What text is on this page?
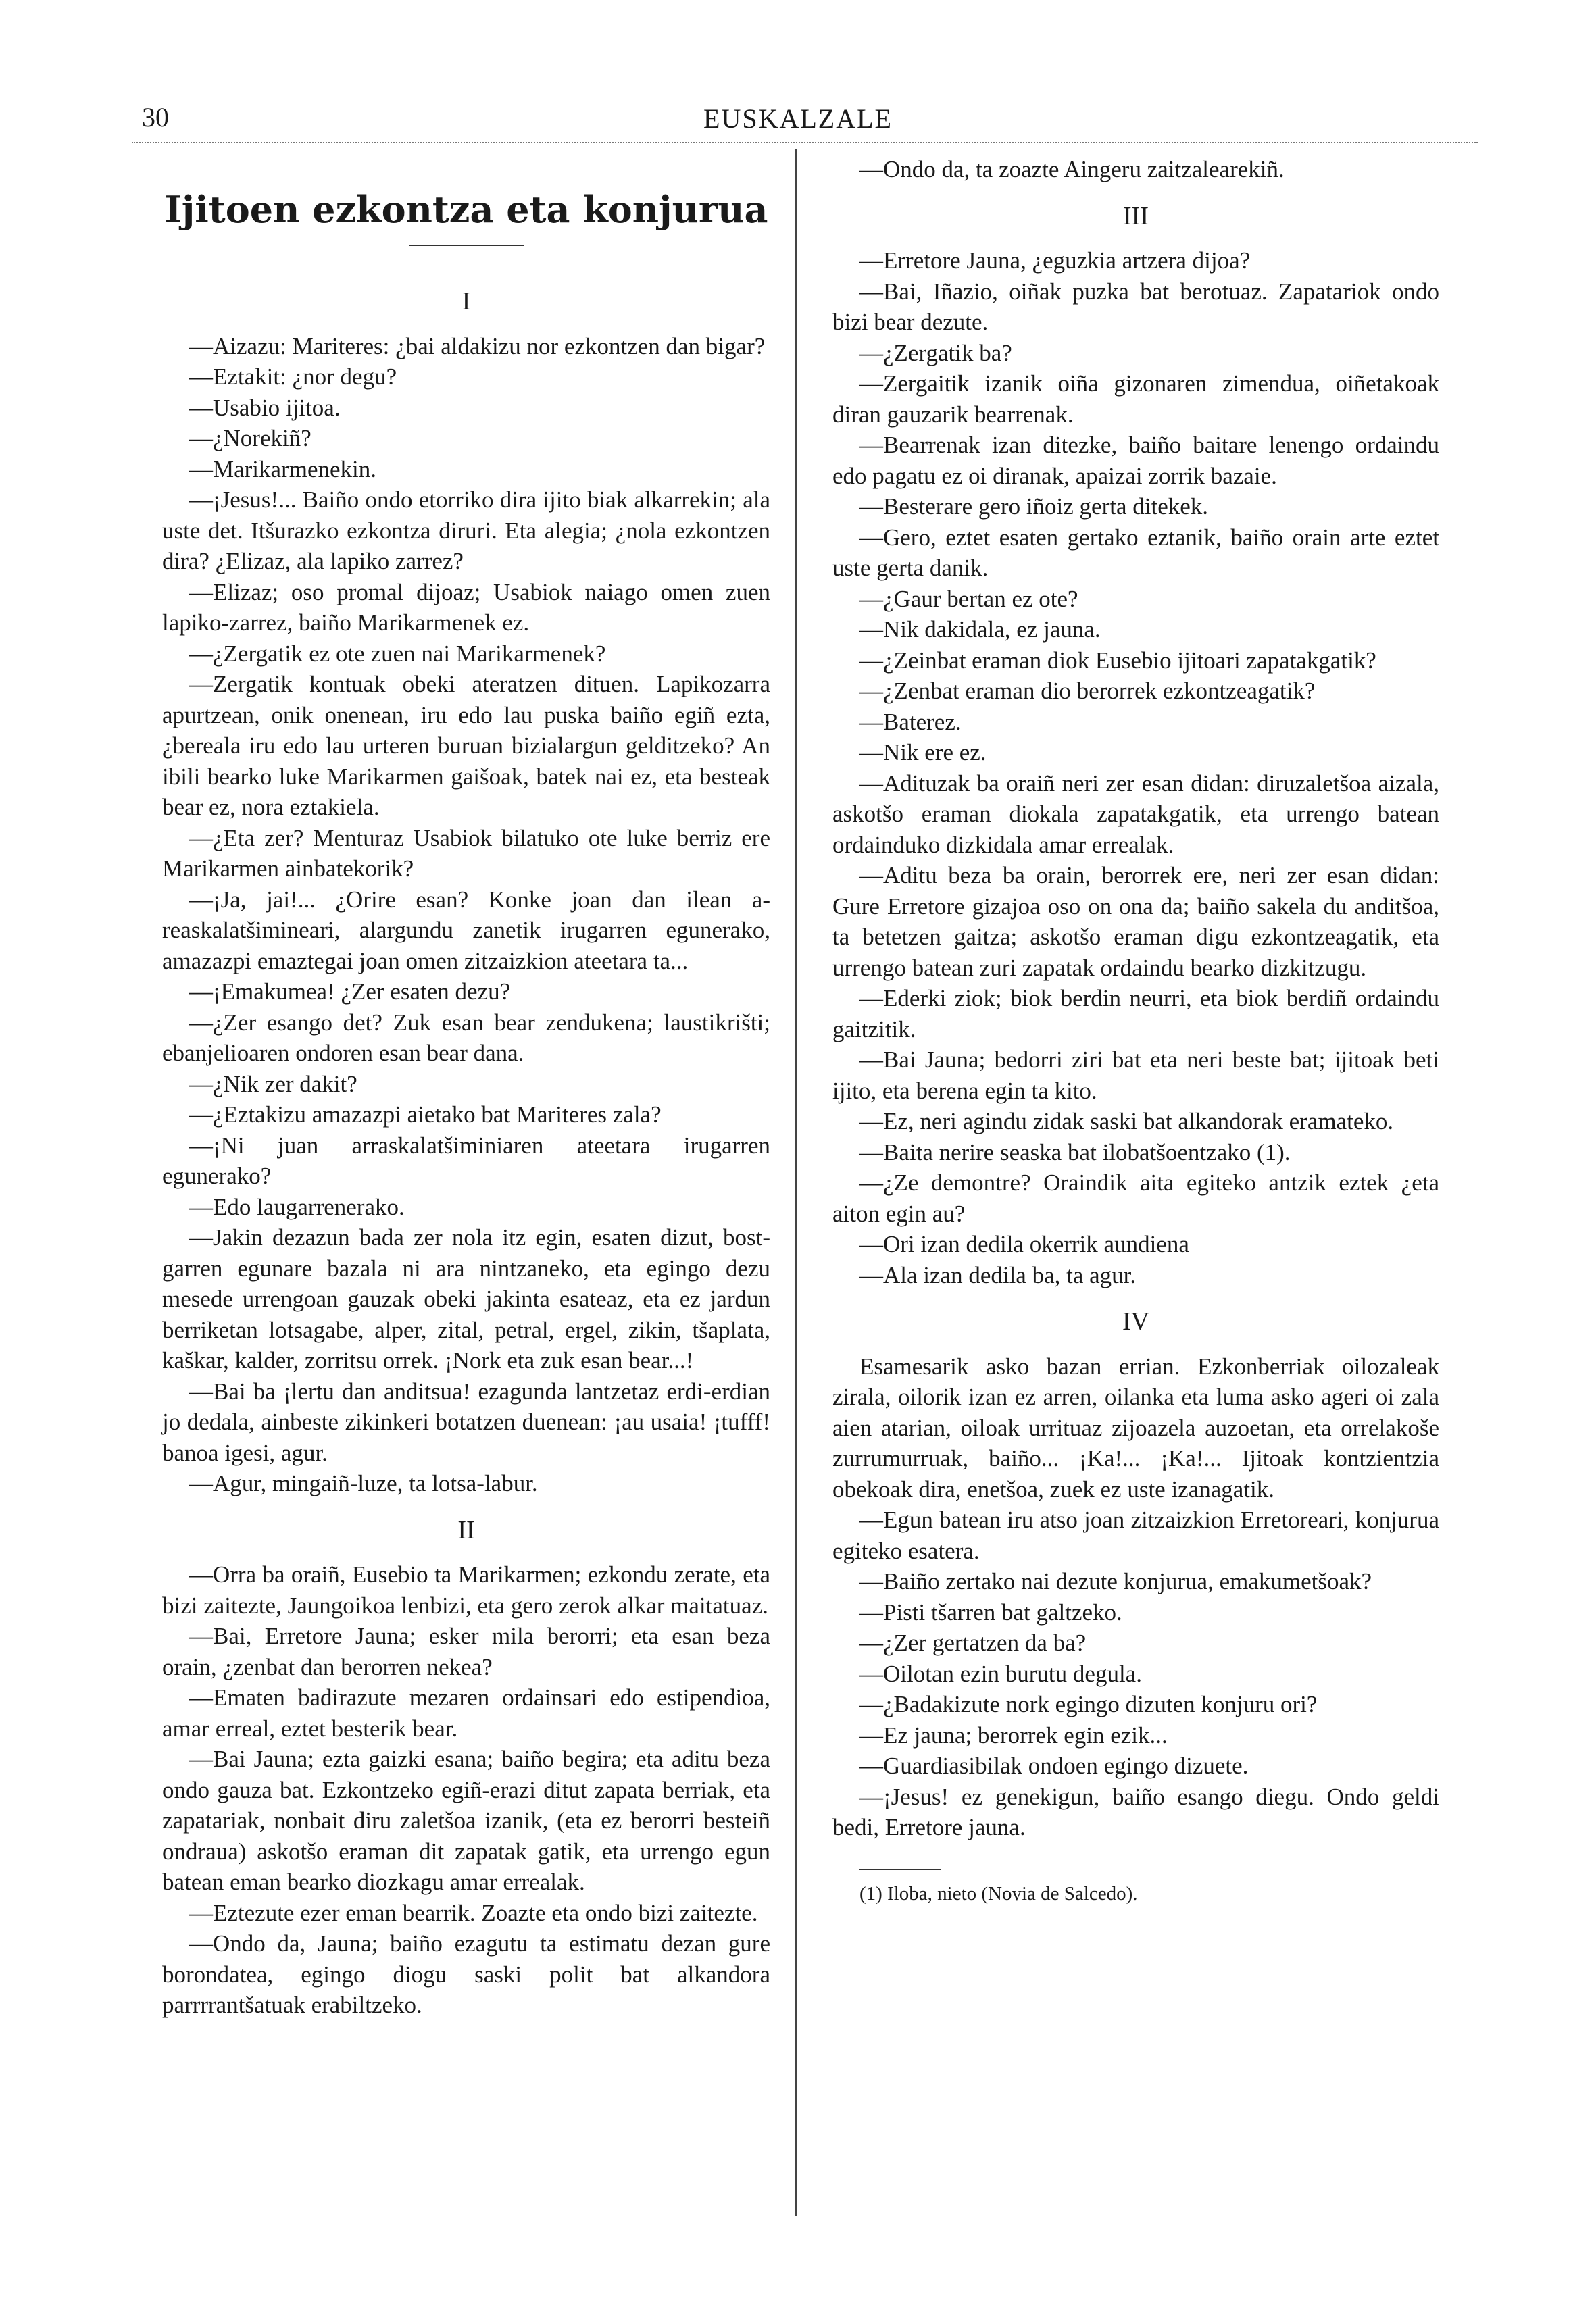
30	EUSKALZALE
Ijitoen ezkontza eta konjurua
I

—Aizazu: Mariteres: ¿bai aldakizu nor ezkontzen dan bigar?

—Eztakit: ¿nor degu?

—Usabio ijitoa.

—¿Norekiñ?

—Marikarmenekin.

—¡Jesus!... Baiño ondo etorriko dira ijito biak alkarrekin; ala uste det. Itšurazko ezkontza diruri. Eta alegia; ¿nola ezkontzen dira? ¿Elizaz, ala lapiko zarrez?

—Elizaz; oso promal dijoaz; Usabiok naiago omen zuen lapiko-zarrez, baiño Marikarmenek ez.

—¿Zergatik ez ote zuen nai Marikarmenek?

—Zergatik kontuak obeki ateratzen dituen. Lapikozarra apurtzean, onik onenean, iru edo lau puska baiño egiñ ezta, ¿bereala iru edo lau urteren buruan bizialargun gelditzeko? An ibili bearko luke Marikarmen gaišoak, batek nai ez, eta besteak bear ez, nora eztakiela.

—¿Eta zer? Menturaz Usabiok bilatuko ote luke berriz ere Marikarmen ainbatekorik?

—¡Ja, jai!... ¿Orire esan? Konke joan dan ilean a-reaskalatšimineari, alargundu zanetik irugarren egunerako, amazazpi emaztegai joan omen zitzaizkion ateetara ta...

—¡Emakumea! ¿Zer esaten dezu?

—¿Zer esango det? Zuk esan bear zendukena; laustikrišti; ebanjelioaren ondoren esan bear dana.

—¿Nik zer dakit?

—¿Eztakizu amazazpi aietako bat Mariteres zala?

—¡Ni juan arraskalatšiminiaren ateetara irugarren egunerako?

—Edo laugarrenerako.

—Jakin dezazun bada zer nola itz egin, esaten dizut, bost-garren egunare bazala ni ara nintzaneko, eta egingo dezu mesede urrengoan gauzak obeki jakinta esateaz, eta ez jardun berriketan lotsagabe, alper, zital, petral, ergel, zikin, tšaplata, kaškar, kalder, zorritsu orrek. ¡Nork eta zuk esan bear...!

—Bai ba ¡lertu dan anditsua! ezagunda lantzetaz erdi-erdian jo dedala, ainbeste zikinkeri botatzen duenean: ¡au usaia! ¡tufff! banoa igesi, agur.

—Agur, mingaiñ-luze, ta lotsa-labur.

II

—Orra ba oraiñ, Eusebio ta Marikarmen; ezkondu zerate, eta bizi zaitezte, Jaungoikoa lenbizi, eta gero zerok alkar maitatuaz.

—Bai, Erretore Jauna; esker mila berorri; eta esan beza orain, ¿zenbat dan berorren nekea?

—Ematen badirazute mezaren ordainsari edo estipendioa, amar erreal, eztet besterik bear.

—Bai Jauna; ezta gaizki esana; baiño begira; eta aditu beza ondo gauza bat. Ezkontzeko egiñ-erazi ditut zapata berriak, eta zapatariak, nonbait diru zaletšoa izanik, (eta ez berorri besteiñ ondrauа) askotšo eraman dit zapatak gatik, eta urrengo egun batean eman bearko diozkagu amar errealak.

—Eztezute ezer eman bearrik. Zoazte eta ondo bizi zaitezte.

—Ondo da, Jauna; baiño ezagutu ta estimatu dezan gure borondatea, egingo diogu saski polit bat alkandora parrrrantšatuak erabiltzeko.

—Ondo da, ta zoazte Aingeru zaitzalearekiñ.

III

—Erretore Jauna, ¿eguzkia artzera dijoa?

—Bai, Iñazio, oiñak puzka bat berotuaz. Zapatariok ondo bizi bear dezute.

—¿Zergatik ba?

—Zergaitik izanik oiña gizonaren zimendua, oiñetakoak diran gauzarik bearrenak.

—Bearrenak izan ditezke, baiño baitare lenengo ordaindu edo pagatu ez oi diranak, apaizai zorrik bazaie.

—Besterare gero iñoiz gerta ditekek.

—Gero, eztet esaten gertako eztanik, baiño orain arte eztet uste gerta danik.

—¿Gaur bertan ez ote?

—Nik dakidala, ez jauna.

—¿Zeinbat eraman diok Eusebio ijitoari zapatakgatik?

—¿Zenbat eraman dio berorrek ezkontzeagatik?

—Baterez.

—Nik ere ez.

—Adituzak ba oraiñ neri zer esan didan: diruzaletšoa aizala, askotšo eraman diokala zapatakgatik, eta urrengo batean ordainduko dizkidala amar errealak.

—Aditu beza ba orain, berorrek ere, neri zer esan didan: Gure Erretore gizajoa oso on ona da; baiño sakela du anditšoa, ta betetzen gaitza; askotšo eraman digu ezkontzeagatik, eta urrengo batean zuri zapatak ordaindu bearko dizkitzugu.

—Ederki ziok; biok berdin neurri, eta biok berdiñ ordaindu gaitzitik.

—Bai Jauna; bedorri ziri bat eta neri beste bat; ijitoak beti ijito, eta berena egin ta kito.

—Ez, neri agindu zidak saski bat alkandorak eramateko.

—Baita nerire seaska bat ilobatšoentzako (1).

—¿Ze demontre? Oraindik aita egiteko antzik eztek ¿eta aiton egin au?

—Ori izan dedila okerrik aundiena

—Ala izan dedila ba, ta agur.

IV

Esamesarik asko bazan errian. Ezkonberriak oilozaleak zirala, oilorik izan ez arren, oilanka eta luma asko ageri oi zala aien atarian, oiloak urrituaz zijoazela auzoetan, eta orrelakoše zurrumurruak, baiño... ¡Ka!... ¡Ka!... Ijitoak kontzientzia obekoak dira, enetšoa, zuek ez uste izanagatik.

—Egun batean iru atso joan zitzaizkion Erretoreari, konjurua egiteko esatera.

—Baiño zertako nai dezute konjurua, emakumetšoak?

—Pisti tšarren bat galtzeko.

—¿Zer gertatzen da ba?

—Oilotan ezin burutu degula.

—¿Badakizute nork egingo dizuten konjuru ori?

—Ez jauna; berorrek egin ezik...

—Guardiasibilak ondoen egingo dizuete.

—¡Jesus! ez genekigun, baiño esango diegu. Ondo geldi bedi, Erretore jauna.

(1) Iloba, nieto (Novia de Salcedo).
